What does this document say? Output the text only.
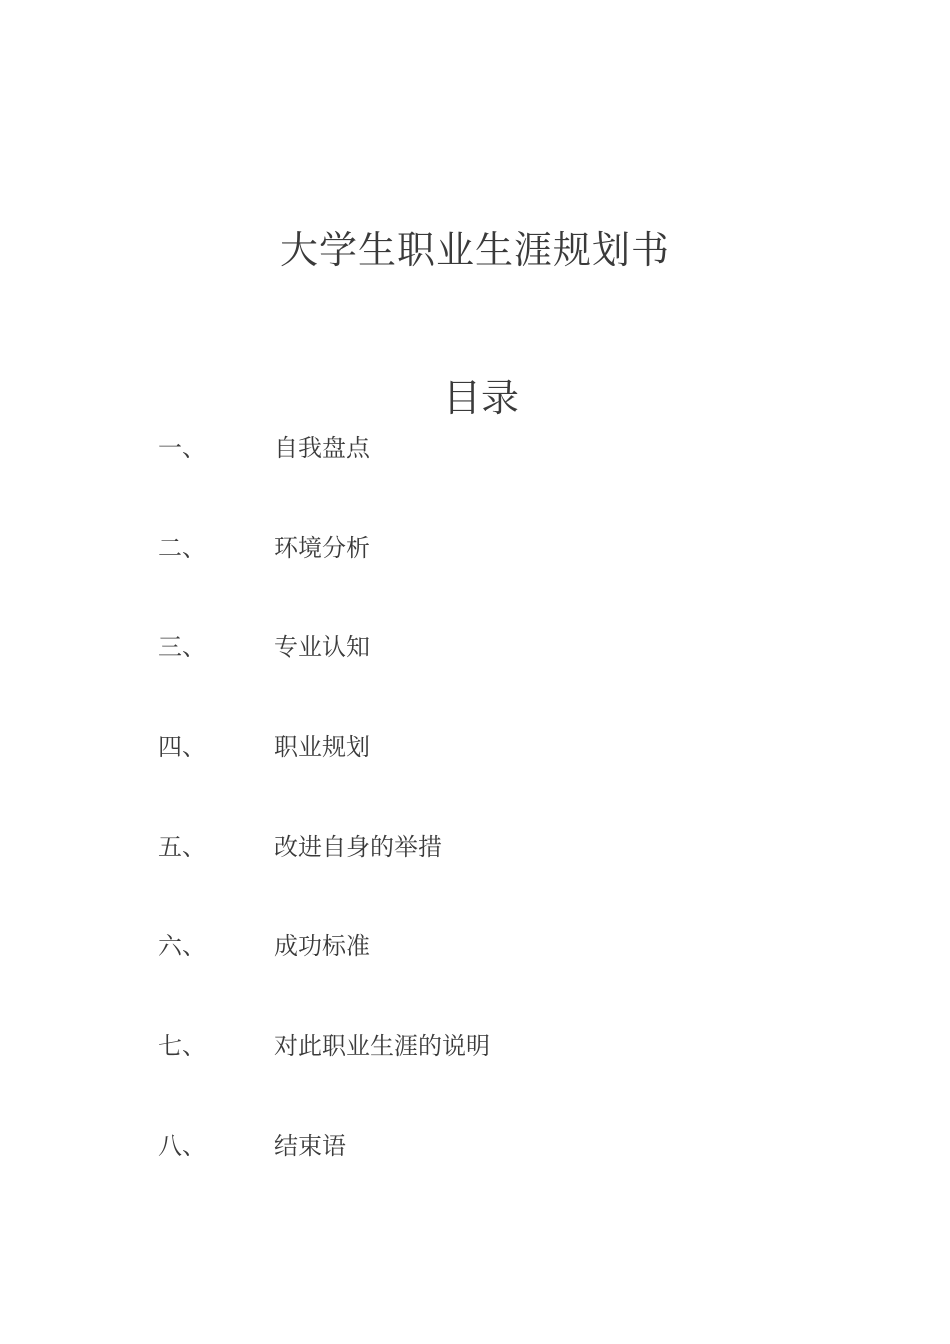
大学生职业生涯规划书
目录
一、	自我盘点
二、	环境分析
三、	专业认知
四、	职业规划
五、	改进自身的举措
六、	成功标准
七、	对此职业生涯的说明
八、	结束语
